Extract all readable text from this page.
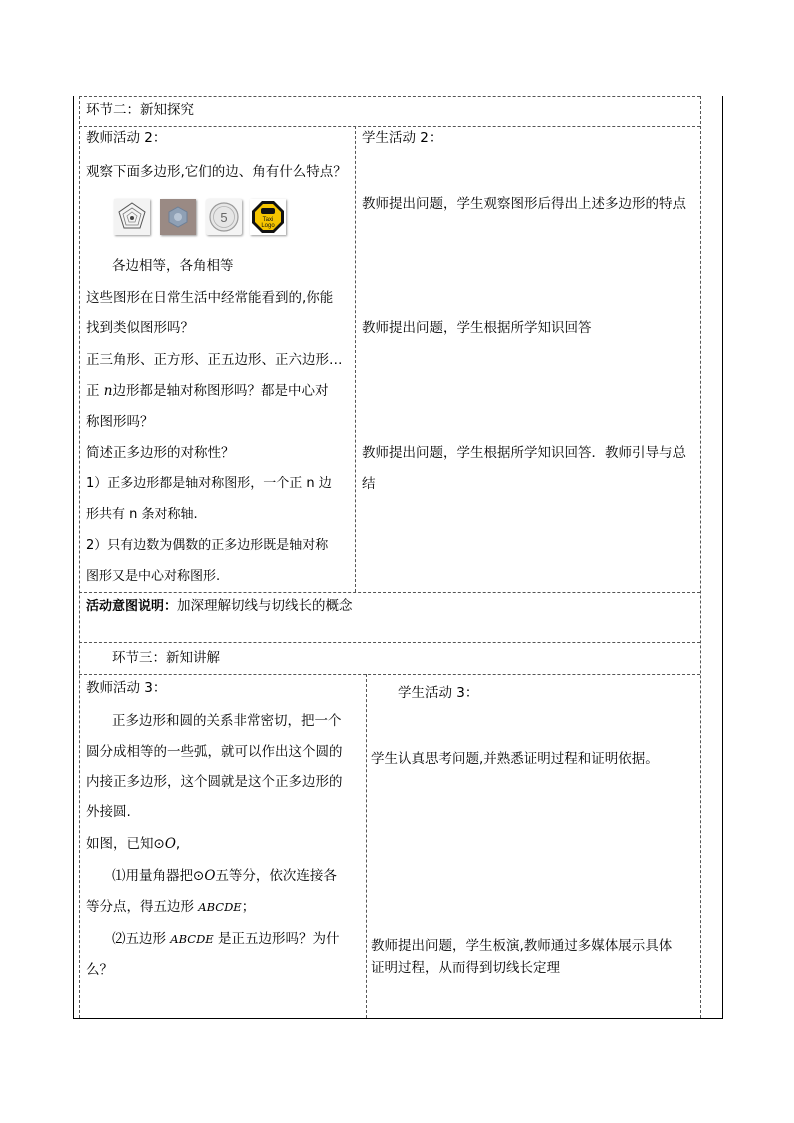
环节二：新知探究
教师活动 2：
观察下面多边形,它们的边、角有什么特点？
5	Taxi
Logo
各边相等，各角相等
这些图形在日常生活中经常能看到的,你能
找到类似图形吗？
正三角形、正方形、正五边形、正六边形…
正 n边形都是轴对称图形吗？都是中心对
称图形吗？
简述正多边形的对称性？
1）正多边形都是轴对称图形，一个正 n 边
形共有 n 条对称轴.
2）只有边数为偶数的正多边形既是轴对称
图形又是中心对称图形.
学生活动 2：
教师提出问题，学生观察图形后得出上述多边形的特点
教师提出问题，学生根据所学知识回答
教师提出问题，学生根据所学知识回答．教师引导与总
结
活动意图说明：加深理解切线与切线长的概念
环节三：新知讲解
教师活动 3：
正多边形和圆的关系非常密切，把一个
圆分成相等的一些弧，就可以作出这个圆的
内接正多边形，这个圆就是这个正多边形的
外接圆.
如图，已知⊙O,
⑴用量角器把⊙O五等分，依次连接各
等分点，得五边形 ABCDE；
⑵五边形 ABCDE 是正五边形吗？为什
么？
学生活动 3：
学生认真思考问题,并熟悉证明过程和证明依据。
教师提出问题，学生板演,教师通过多媒体展示具体
证明过程，从而得到切线长定理
